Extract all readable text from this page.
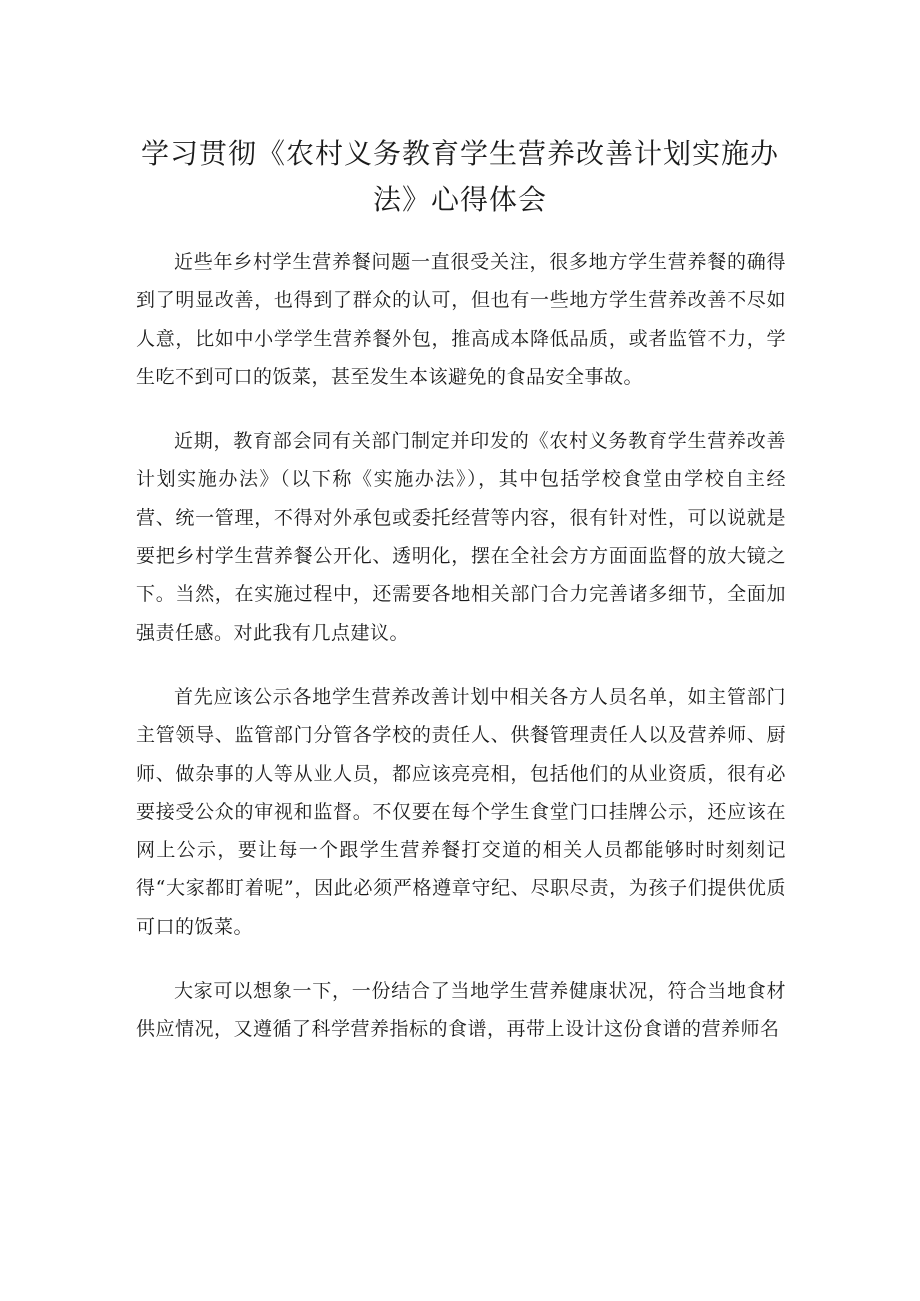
学习贯彻《农村义务教育学生营养改善计划实施办
法》心得体会

近些年乡村学生营养餐问题一直很受关注，很多地方学生营养餐的确得到了明显改善，也得到了群众的认可，但也有一些地方学生营养改善不尽如人意，比如中小学学生营养餐外包，推高成本降低品质，或者监管不力，学生吃不到可口的饭菜，甚至发生本该避免的食品安全事故。

近期，教育部会同有关部门制定并印发的《农村义务教育学生营养改善计划实施办法》（以下称《实施办法》），其中包括学校食堂由学校自主经营、统一管理，不得对外承包或委托经营等内容，很有针对性，可以说就是要把乡村学生营养餐公开化、透明化，摆在全社会方方面面监督的放大镜之下。当然，在实施过程中，还需要各地相关部门合力完善诸多细节，全面加强责任感。对此我有几点建议。

首先应该公示各地学生营养改善计划中相关各方人员名单，如主管部门主管领导、监管部门分管各学校的责任人、供餐管理责任人以及营养师、厨师、做杂事的人等从业人员，都应该亮亮相，包括他们的从业资质，很有必要接受公众的审视和监督。不仅要在每个学生食堂门口挂牌公示，还应该在网上公示，要让每一个跟学生营养餐打交道的相关人员都能够时时刻刻记得“大家都盯着呢”，因此必须严格遵章守纪、尽职尽责，为孩子们提供优质可口的饭菜。

大家可以想象一下，一份结合了当地学生营养健康状况，符合当地食材供应情况，又遵循了科学营养指标的食谱，再带上设计这份食谱的营养师名
